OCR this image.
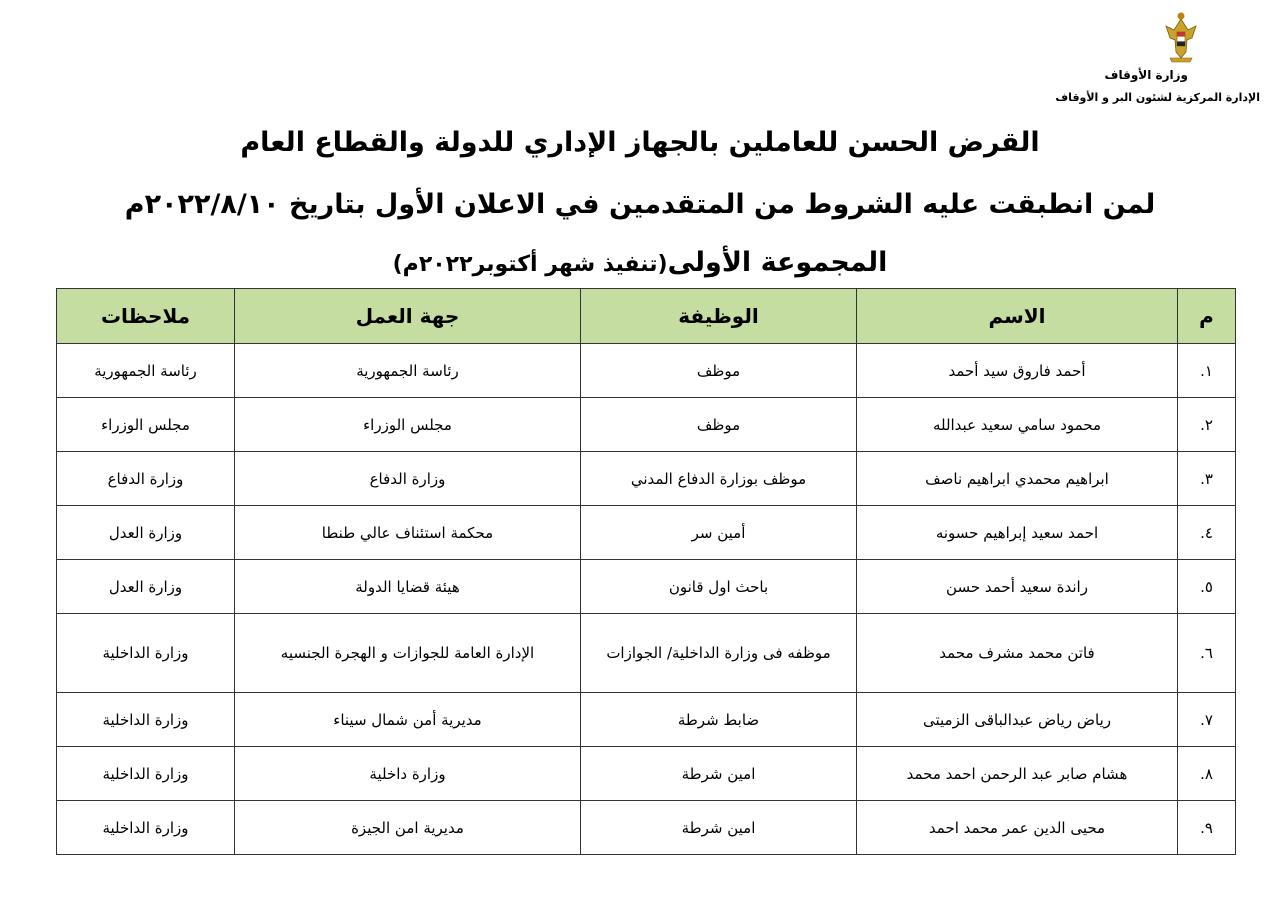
وزارة الأوقاف
الإدارة المركزية لشئون البر و الأوقاف
القرض الحسن للعاملين بالجهاز الإداري للدولة والقطاع العام
لمن انطبقت عليه الشروط من المتقدمين في الاعلان الأول بتاريخ ٢٠٢٢/٨/١٠م
المجموعة الأولى(تنفيذ شهر أكتوبر٢٠٢٢م)
م	الاسم	الوظيفة	جهة العمل	ملاحظات
١.	أحمد فاروق سيد أحمد	موظف	رئاسة الجمهورية	رئاسة الجمهورية
٢.	محمود سامي سعيد عبدالله	موظف	مجلس الوزراء	مجلس الوزراء
٣.	ابراهيم محمدي ابراهيم ناصف	موظف بوزارة الدفاع المدني	وزارة الدفاع	وزارة الدفاع
٤.	احمد سعيد إبراهيم حسونه	أمين سر	محكمة استئناف عالي طنطا	وزارة العدل
٥.	راندة سعيد أحمد حسن	باحث اول قانون	هيئة قضايا الدولة	وزارة العدل
٦.	فاتن محمد مشرف محمد	موظفه فى وزارة الداخلية/ الجوازات	الإدارة العامة للجوازات و الهجرة الجنسيه	وزارة الداخلية
٧.	رياض رياض عبدالباقى الزميتى	ضابط شرطة	مديرية أمن شمال سيناء	وزارة الداخلية
٨.	هشام صابر عبد الرحمن احمد محمد	امين شرطة	وزارة داخلية	وزارة الداخلية
٩.	محيى الدين عمر محمد احمد	امين شرطة	مديرية امن الجيزة	وزارة الداخلية
